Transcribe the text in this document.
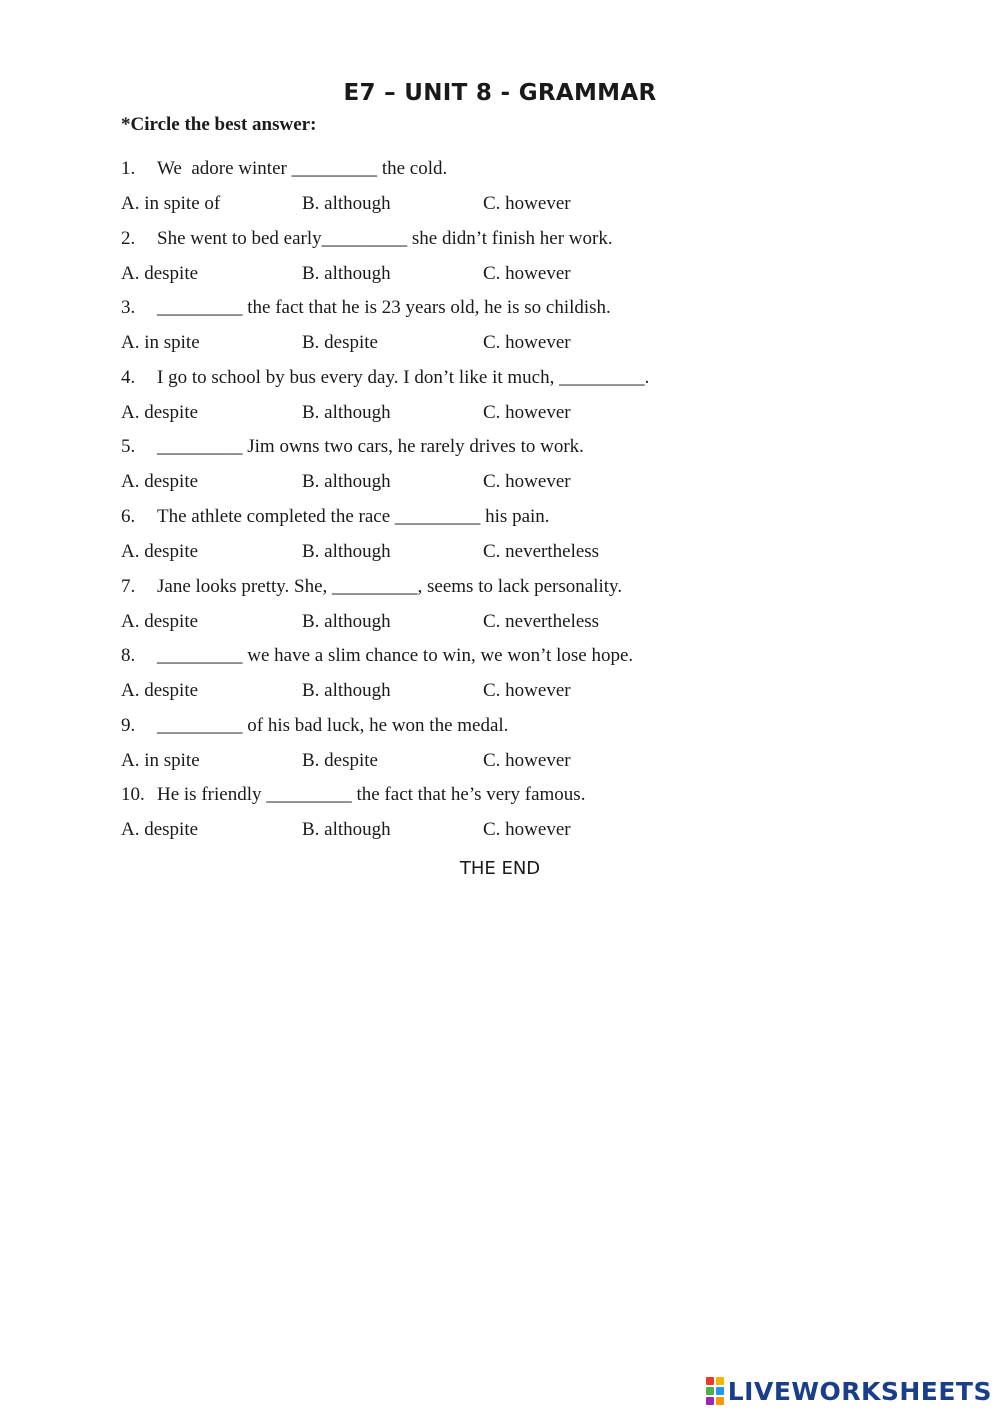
E7 – UNIT 8 - GRAMMAR
*Circle the best answer:
1. We  adore winter _________ the cold.
A. in spite of	B. although	C. however
2. She went to bed early_________ she didn’t finish her work.
A. despite	B. although	C. however
3. _________ the fact that he is 23 years old, he is so childish.
A. in spite	B. despite	C. however
4. I go to school by bus every day. I don’t like it much, _________.
A. despite	B. although	C. however
5. _________ Jim owns two cars, he rarely drives to work.
A. despite	B. although	C. however
6. The athlete completed the race _________ his pain.
A. despite	B. although	C. nevertheless
7. Jane looks pretty. She, _________, seems to lack personality.
A. despite	B. although	C. nevertheless
8. _________ we have a slim chance to win, we won’t lose hope.
A. despite	B. although	C. however
9. _________ of his bad luck, he won the medal.
A. in spite	B. despite	C. however
10. He is friendly _________ the fact that he’s very famous.
A. despite	B. although	C. however
THE END
LIVEWORKSHEETS
